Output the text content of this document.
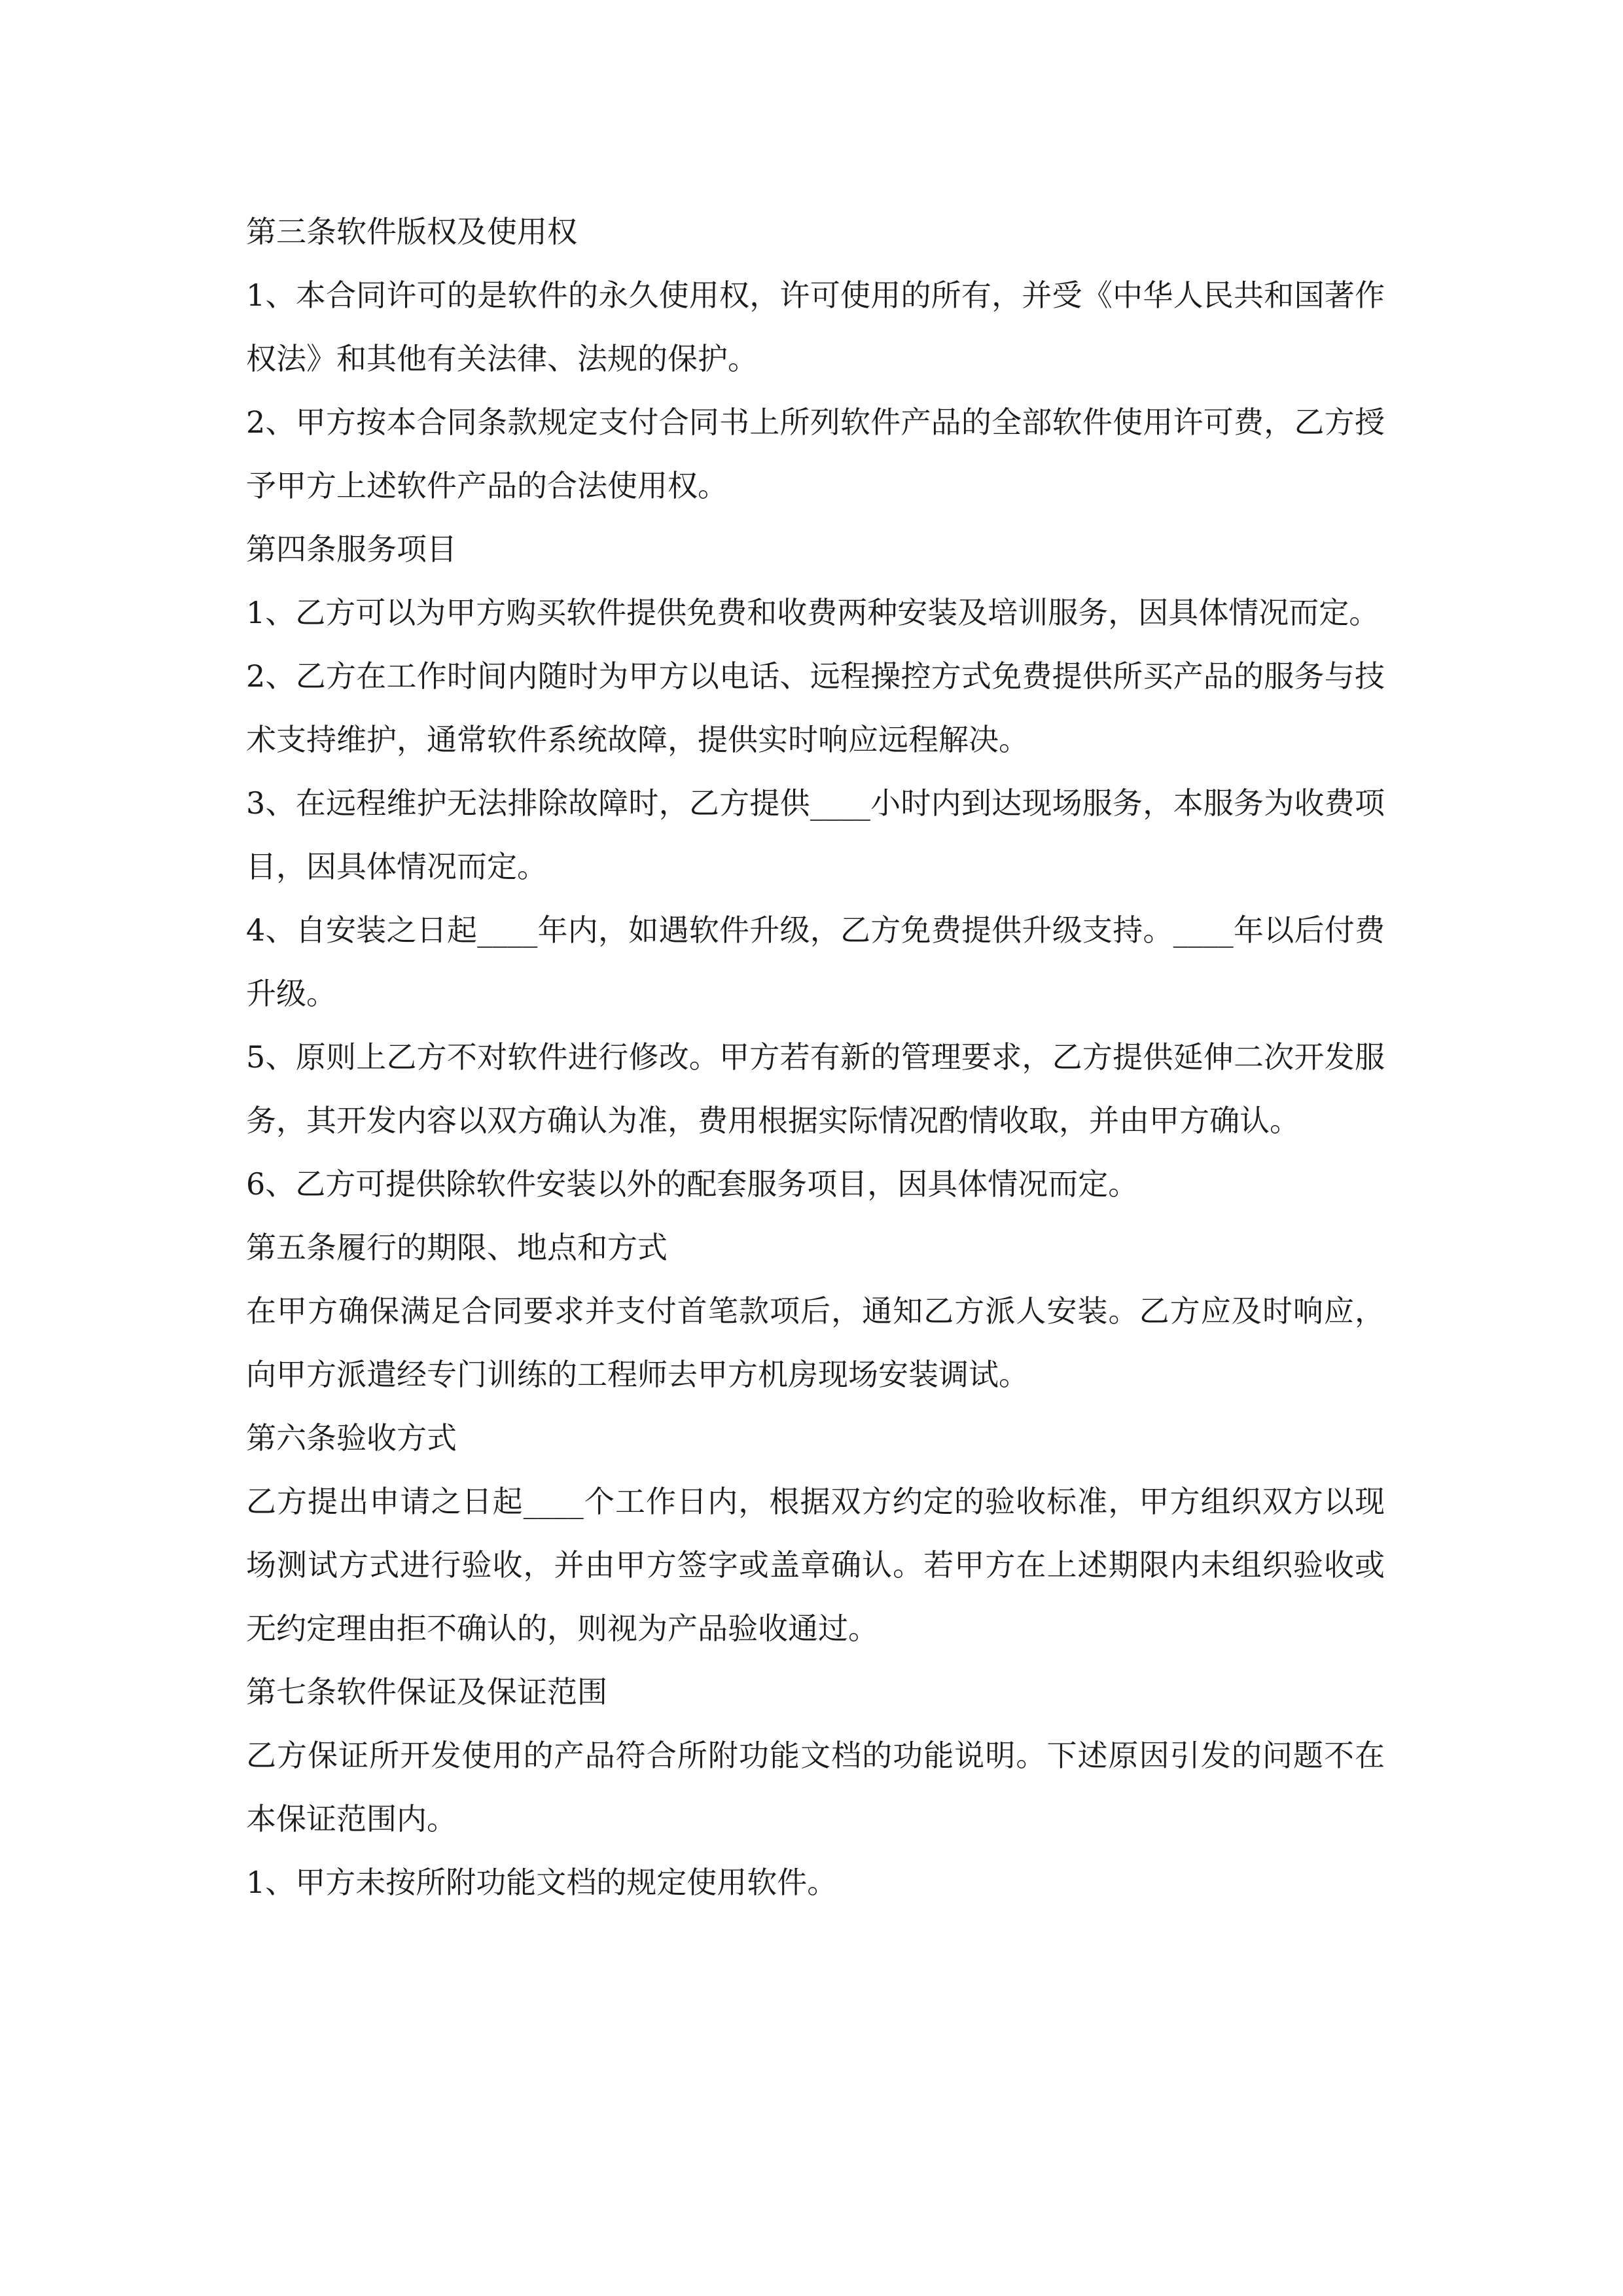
第三条软件版权及使用权

1、本合同许可的是软件的永久使用权，许可使用的所有，并受《中华人民共和国著作权法》和其他有关法律、法规的保护。

2、甲方按本合同条款规定支付合同书上所列软件产品的全部软件使用许可费，乙方授予甲方上述软件产品的合法使用权。

第四条服务项目

1、乙方可以为甲方购买软件提供免费和收费两种安装及培训服务，因具体情况而定。

2、乙方在工作时间内随时为甲方以电话、远程操控方式免费提供所买产品的服务与技术支持维护，通常软件系统故障，提供实时响应远程解决。

3、在远程维护无法排除故障时，乙方提供____小时内到达现场服务，本服务为收费项目，因具体情况而定。

4、自安装之日起____年内，如遇软件升级，乙方免费提供升级支持。____年以后付费升级。

5、原则上乙方不对软件进行修改。甲方若有新的管理要求，乙方提供延伸二次开发服务，其开发内容以双方确认为准，费用根据实际情况酌情收取，并由甲方确认。

6、乙方可提供除软件安装以外的配套服务项目，因具体情况而定。

第五条履行的期限、地点和方式

在甲方确保满足合同要求并支付首笔款项后，通知乙方派人安装。乙方应及时响应，向甲方派遣经专门训练的工程师去甲方机房现场安装调试。

第六条验收方式

乙方提出申请之日起____个工作日内，根据双方约定的验收标准，甲方组织双方以现场测试方式进行验收，并由甲方签字或盖章确认。若甲方在上述期限内未组织验收或无约定理由拒不确认的，则视为产品验收通过。

第七条软件保证及保证范围

乙方保证所开发使用的产品符合所附功能文档的功能说明。下述原因引发的问题不在本保证范围内。

1、甲方未按所附功能文档的规定使用软件。
